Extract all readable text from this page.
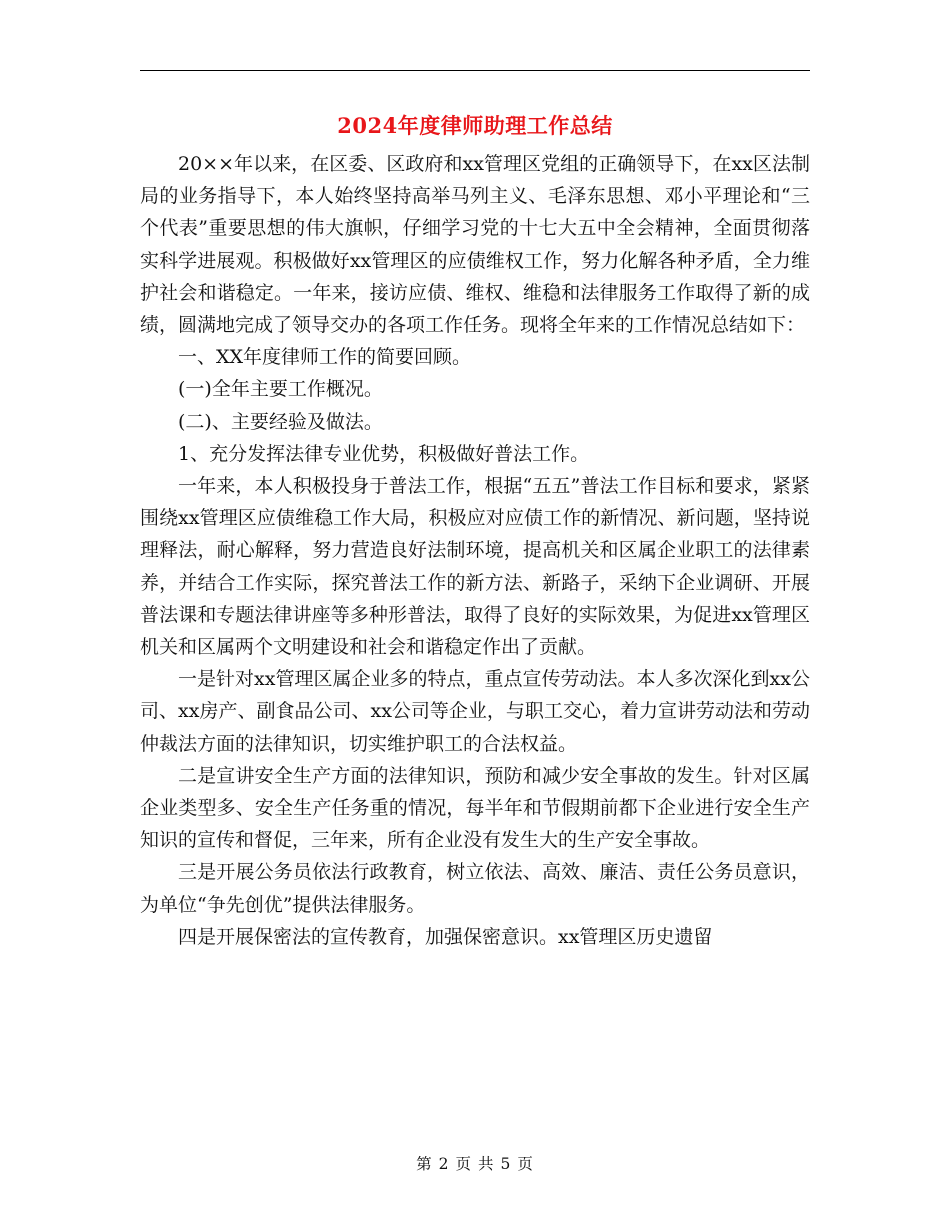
2024年度律师助理工作总结

20××年以来，在区委、区政府和xx管理区党组的正确领导下，在xx区法制局的业务指导下，本人始终坚持高举马列主义、毛泽东思想、邓小平理论和“三个代表”重要思想的伟大旗帜，仔细学习党的十七大五中全会精神，全面贯彻落实科学进展观。积极做好xx管理区的应债维权工作，努力化解各种矛盾，全力维护社会和谐稳定。一年来，接访应债、维权、维稳和法律服务工作取得了新的成绩，圆满地完成了领导交办的各项工作任务。现将全年来的工作情况总结如下：

一、XX年度律师工作的简要回顾。

(一)全年主要工作概况。

(二)、主要经验及做法。

1、充分发挥法律专业优势，积极做好普法工作。

一年来，本人积极投身于普法工作，根据“五五”普法工作目标和要求，紧紧围绕xx管理区应债维稳工作大局，积极应对应债工作的新情况、新问题，坚持说理释法，耐心解释，努力营造良好法制环境，提高机关和区属企业职工的法律素养，并结合工作实际，探究普法工作的新方法、新路子，采纳下企业调研、开展普法课和专题法律讲座等多种形普法，取得了良好的实际效果，为促进xx管理区机关和区属两个文明建设和社会和谐稳定作出了贡献。

一是针对xx管理区属企业多的特点，重点宣传劳动法。本人多次深化到xx公司、xx房产、副食品公司、xx公司等企业，与职工交心，着力宣讲劳动法和劳动仲裁法方面的法律知识，切实维护职工的合法权益。

二是宣讲安全生产方面的法律知识，预防和减少安全事故的发生。针对区属企业类型多、安全生产任务重的情况，每半年和节假期前都下企业进行安全生产知识的宣传和督促，三年来，所有企业没有发生大的生产安全事故。

三是开展公务员依法行政教育，树立依法、高效、廉洁、责任公务员意识，为单位“争先创优”提供法律服务。

四是开展保密法的宣传教育，加强保密意识。xx管理区历史遗留

第 2 页 共 5 页
